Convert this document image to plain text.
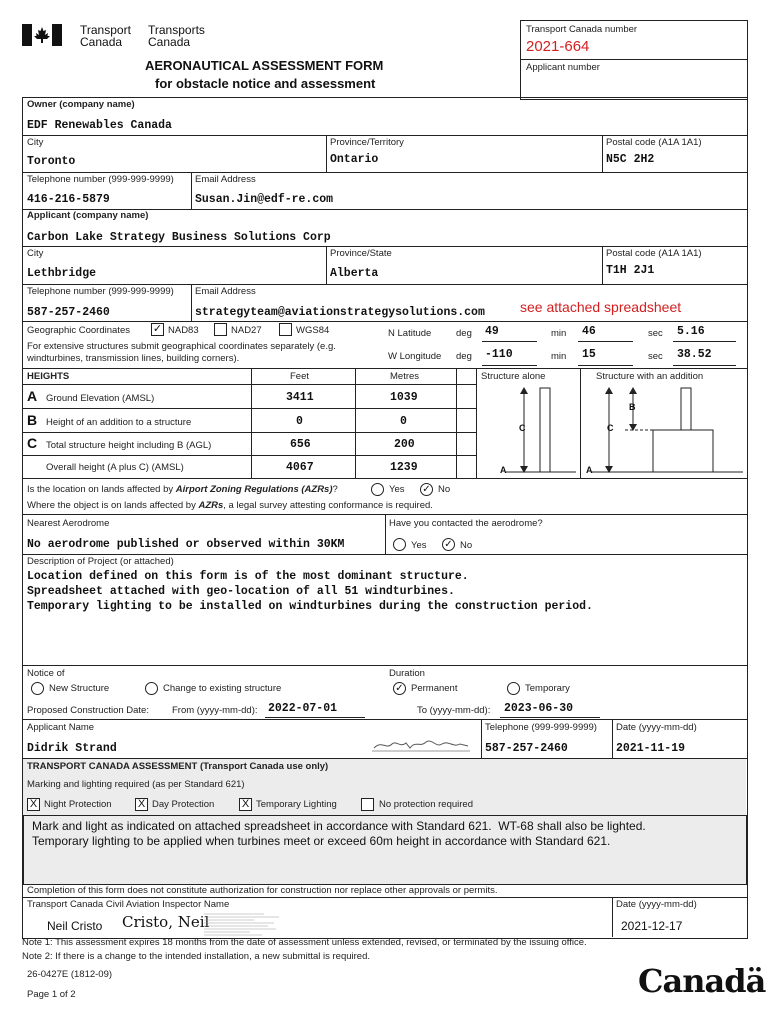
Transport
Canada
Transports
Canada
AERONAUTICAL ASSESSMENT FORM
for obstacle notice and assessment
Transport Canada number
2021-664
Applicant number
Owner (company name)
EDF Renewables Canada
City
Toronto
Province/Territory
Ontario
Postal code (A1A 1A1)
N5C 2H2
Telephone number (999-999-9999)
416-216-5879
Email Address
Susan.Jin@edf-re.com
Applicant (company name)
Carbon Lake Strategy Business Solutions Corp
City
Lethbridge
Province/State
Alberta
Postal code (A1A 1A1)
T1H 2J1
Telephone number (999-999-9999)
587-257-2460
Email Address
strategyteam@aviationstrategysolutions.com	see attached spreadsheet
Geographic Coordinates ✓ NAD83	NAD27	WGS84
For extensive structures submit geographical coordinates separately (e.g. windturbines, transmission lines, building corners).
N Latitude	deg 49	min 46	sec 5.16
W Longitude deg -110	min 15	sec 38.52
HEIGHTS	Feet	Metres	Structure alone	Structure with an addition
A Ground Elevation (AMSL)	3411	1039
B Height of an addition to a structure	0	0
C Total structure height including B (AGL)	656	200
Overall height (A plus C) (AMSL)	4067	1239
C
A
B
C
A
Is the location on lands affected by Airport Zoning Regulations (AZRs)?	Yes ✓ No
Where the object is on lands affected by AZRs, a legal survey attesting conformance is required.
Nearest Aerodrome
No aerodrome published or observed within 30KM
Have you contacted the aerodrome?
Yes ✓ No
Description of Project (or attached)
Location defined on this form is of the most dominant structure.
Spreadsheet attached with geo-location of all 51 windturbines.
Temporary lighting to be installed on windturbines during the construction period.
Notice of
New Structure	Change to existing structure
Duration
✓ Permanent	Temporary
Proposed Construction Date: From (yyyy-mm-dd): 2022-07-01	To (yyyy-mm-dd): 2023-06-30
Applicant Name
Didrik Strand
Telephone (999-999-9999)
587-257-2460
Date (yyyy-mm-dd)
2021-11-19
TRANSPORT CANADA ASSESSMENT (Transport Canada use only)
Marking and lighting required (as per Standard 621)
X Night Protection X Day Protection	X Temporary Lighting	No protection required
Mark and light as indicated on attached spreadsheet in accordance with Standard 621.  WT-68 shall also be lighted.
Temporary lighting to be applied when turbines meet or exceed 60m height in accordance with Standard 621.
Completion of this form does not constitute authorization for construction nor replace other approvals or permits.
Transport Canada Civil Aviation Inspector Name
Neil Cristo Cristo, Neil
Date (yyyy-mm-dd)
2021-12-17
Note 1: This assessment expires 18 months from the date of assessment unless extended, revised, or terminated by the issuing office.
Note 2: If there is a change to the intended installation, a new submittal is required.
26-0427E (1812-09)
Page 1 of 2	Canadä
